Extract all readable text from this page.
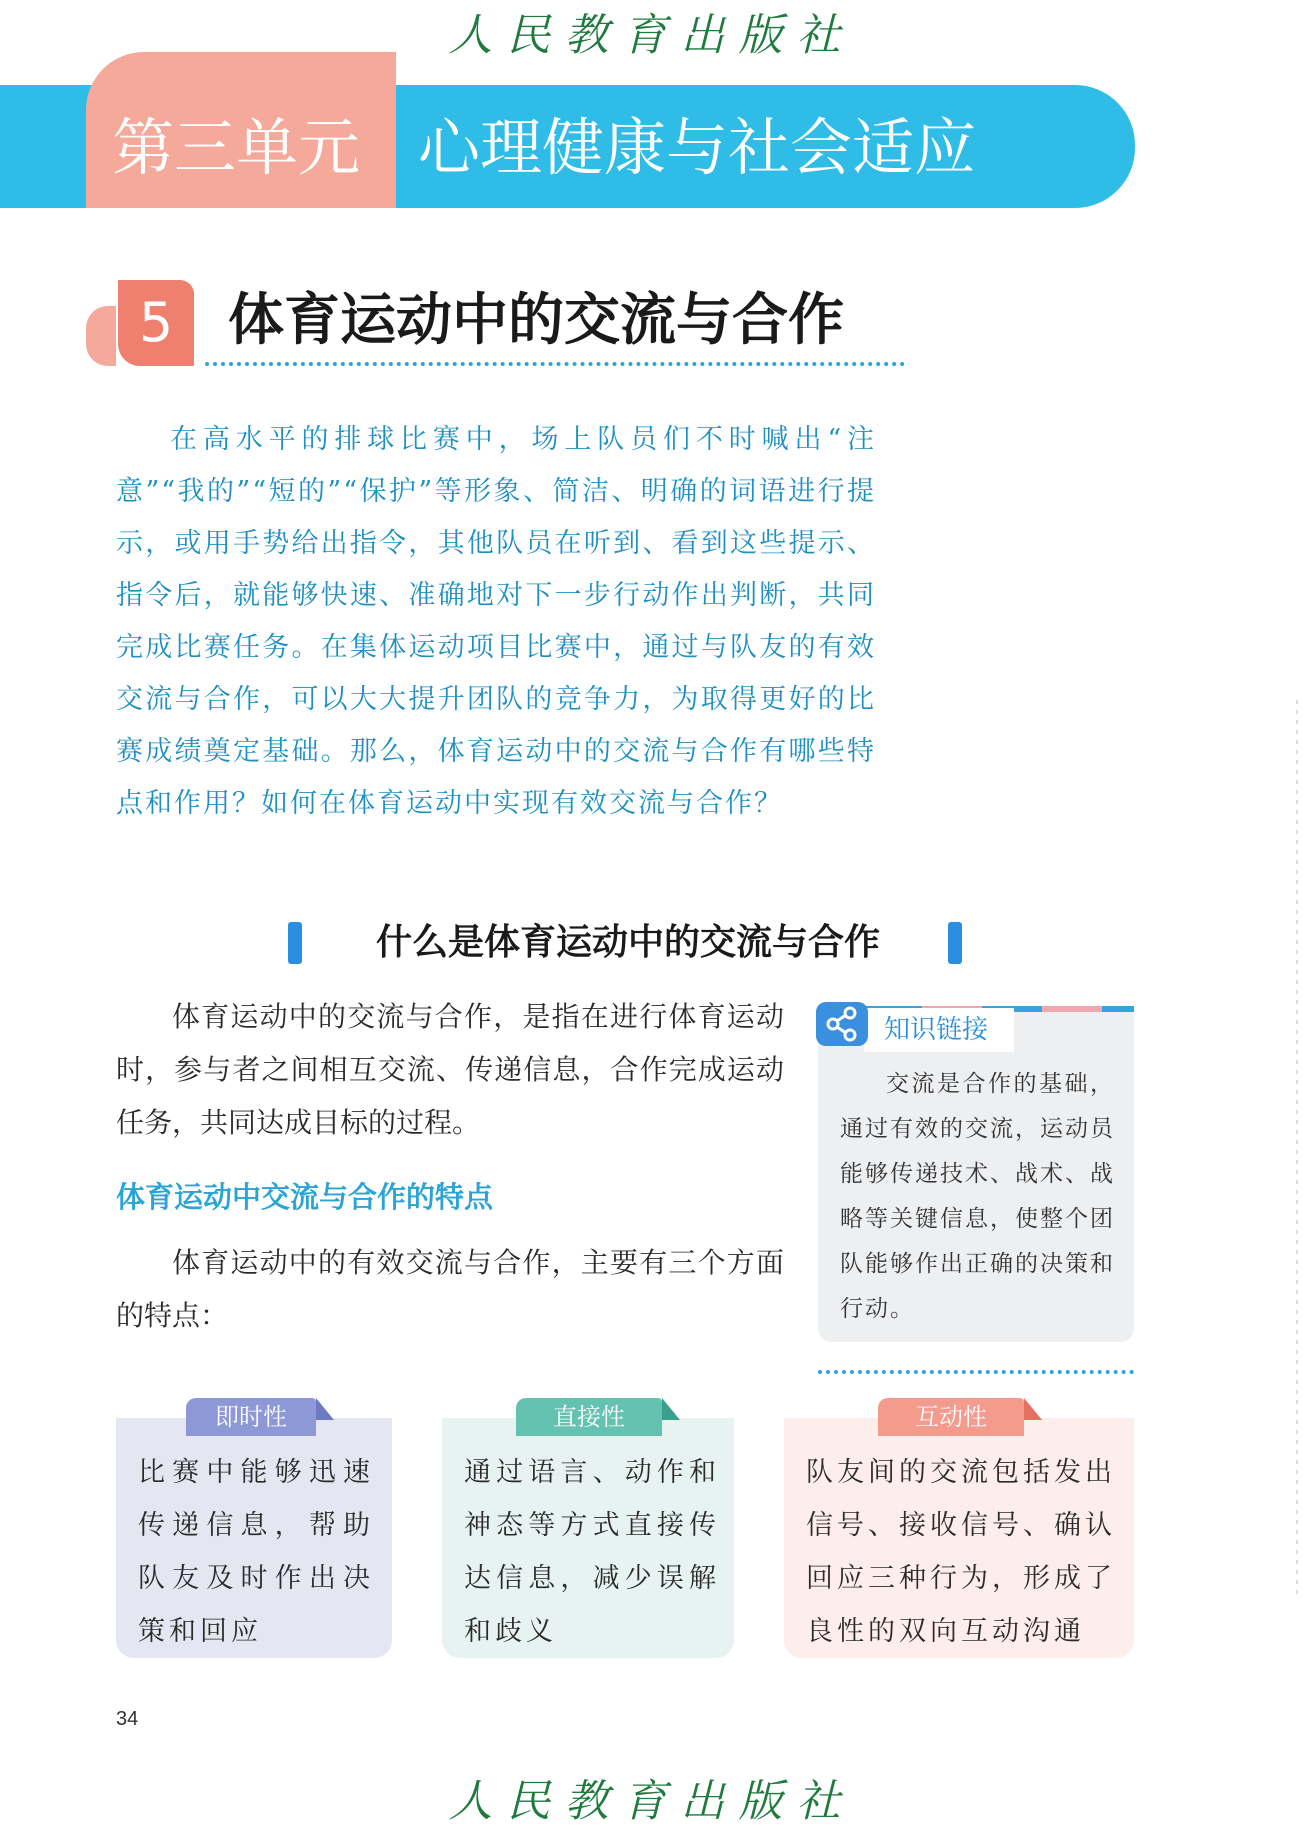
人民教育出版社
第三单元 心理健康与社会适应
5 体育运动中的交流与合作
在高水平的排球比赛中，场上队员们不时喊出“注意”“我的”“短的”“保护”等形象、简洁、明确的词语进行提示，或用手势给出指令，其他队员在听到、看到这些提示、指令后，就能够快速、准确地对下一步行动作出判断，共同完成比赛任务。在集体运动项目比赛中，通过与队友的有效交流与合作，可以大大提升团队的竞争力，为取得更好的比赛成绩奠定基础。那么，体育运动中的交流与合作有哪些特点和作用？如何在体育运动中实现有效交流与合作？
什么是体育运动中的交流与合作
体育运动中的交流与合作，是指在进行体育运动时，参与者之间相互交流、传递信息，合作完成运动任务，共同达成目标的过程。
体育运动中交流与合作的特点
体育运动中的有效交流与合作，主要有三个方面的特点：
知识链接
交流是合作的基础，通过有效的交流，运动员能够传递技术、战术、战略等关键信息，使整个团队能够作出正确的决策和行动。
即时性
比赛中能够迅速传递信息，帮助队友及时作出决策和回应
直接性
通过语言、动作和神态等方式直接传达信息，减少误解和歧义
互动性
队友间的交流包括发出信号、接收信号、确认回应三种行为，形成了良性的双向互动沟通
34
人民教育出版社
